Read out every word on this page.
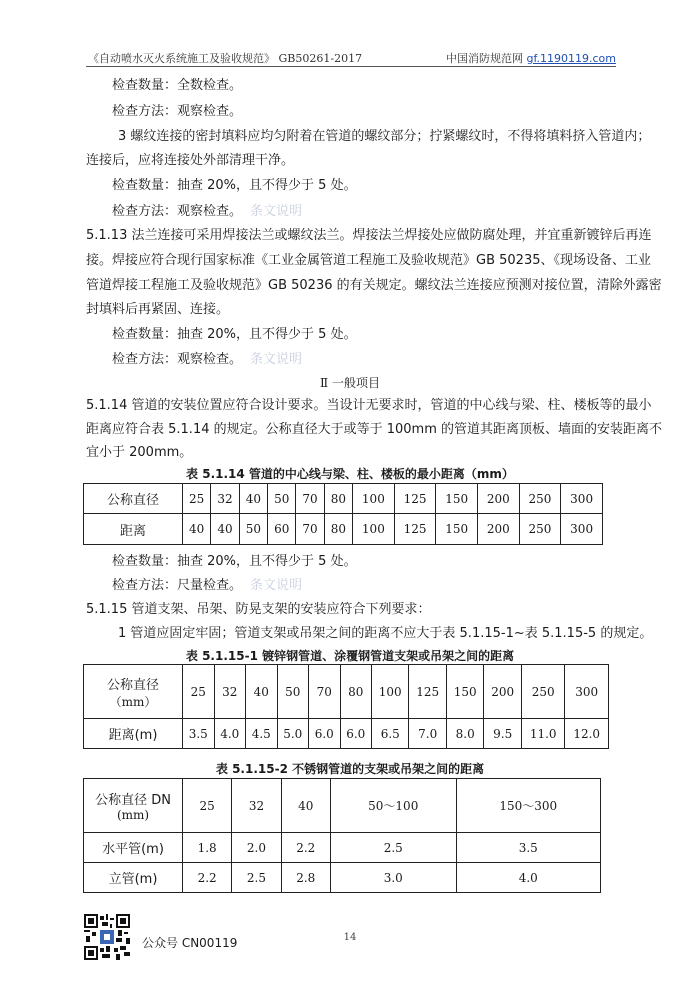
《自动喷水灭火系统施工及验收规范》 GB50261-2017	中国消防规范网 gf.1190119.com
检查数量：全数检查。
检查方法：观察检查。
3 螺纹连接的密封填料应均匀附着在管道的螺纹部分；拧紧螺纹时，不得将填料挤入管道内；
连接后，应将连接处外部清理干净。
检查数量：抽查 20%，且不得少于 5 处。
检查方法：观察检查。 条文说明
5.1.13 法兰连接可采用焊接法兰或螺纹法兰。焊接法兰焊接处应做防腐处理，并宜重新镀锌后再连
接。焊接应符合现行国家标准《工业金属管道工程施工及验收规范》GB 50235、《现场设备、工业
管道焊接工程施工及验收规范》GB 50236 的有关规定。螺纹法兰连接应预测对接位置，清除外露密
封填料后再紧固、连接。
检查数量：抽查 20%，且不得少于 5 处。
检查方法：观察检查。 条文说明
Ⅱ 一般项目
5.1.14 管道的安装位置应符合设计要求。当设计无要求时，管道的中心线与梁、柱、楼板等的最小
距离应符合表 5.1.14 的规定。公称直径大于或等于 100mm 的管道其距离顶板、墙面的安装距离不
宜小于 200mm。
表 5.1.14 管道的中心线与梁、柱、楼板的最小距离（mm）
公称直径	25	32	40	50	70	80	100	125	150	200	250	300
距离	40	40	50	60	70	80	100	125	150	200	250	300
检查数量：抽查 20%，且不得少于 5 处。
检查方法：尺量检查。 条文说明
5.1.15 管道支架、吊架、防晃支架的安装应符合下列要求：
1 管道应固定牢固；管道支架或吊架之间的距离不应大于表 5.1.15-1~表 5.1.15-5 的规定。
表 5.1.15-1 镀锌钢管道、涂覆钢管道支架或吊架之间的距离
公称直径
（mm）	25	32	40	50	70	80	100	125	150	200	250	300
距离(m)	3.5	4.0	4.5	5.0	6.0	6.0	6.5	7.0	8.0	9.5	11.0	12.0
表 5.1.15-2 不锈钢管道的支架或吊架之间的距离
公称直径 DN
(mm)	25	32	40	50～100	150～300
水平管(m)	1.8	2.0	2.2	2.5	3.5
立管(m)	2.2	2.5	2.8	3.0	4.0
公众号 CN00119	14
